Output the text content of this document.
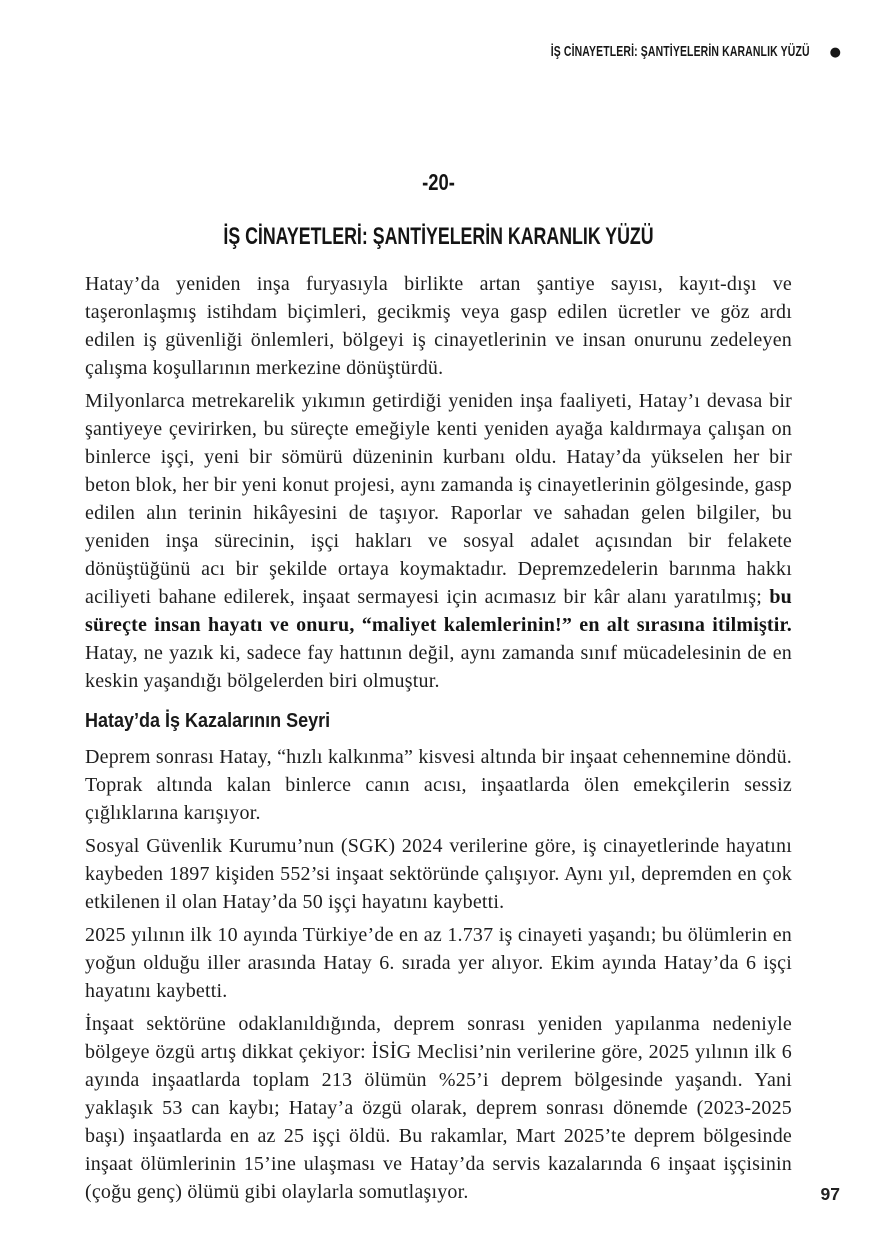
İŞ CİNAYETLERİ: ŞANTİYELERİN KARANLIK YÜZÜ ●
-20-
İŞ CİNAYETLERİ: ŞANTİYELERİN KARANLIK YÜZÜ

Hatay’da yeniden inşa furyasıyla birlikte artan şantiye sayısı, kayıt-dışı ve taşeronlaşmış istihdam biçimleri, gecikmiş veya gasp edilen ücretler ve göz ardı edilen iş güvenliği önlemleri, bölgeyi iş cinayetlerinin ve insan onurunu zedeleyen çalışma koşullarının merkezine dönüştürdü.

Milyonlarca metrekarelik yıkımın getirdiği yeniden inşa faaliyeti, Hatay’ı devasa bir şantiyeye çevirirken, bu süreçte emeğiyle kenti yeniden ayağa kaldırmaya çalışan on binlerce işçi, yeni bir sömürü düzeninin kurbanı oldu. Hatay’da yükselen her bir beton blok, her bir yeni konut projesi, aynı zamanda iş cinayetlerinin gölgesinde, gasp edilen alın terinin hikâyesini de taşıyor. Raporlar ve sahadan gelen bilgiler, bu yeniden inşa sürecinin, işçi hakları ve sosyal adalet açısından bir felakete dönüştüğünü acı bir şekilde ortaya koymaktadır. Depremzedelerin barınma hakkı aciliyeti bahane edilerek, inşaat sermayesi için acımasız bir kâr alanı yaratılmış; bu süreçte insan hayatı ve onuru, “maliyet kalemlerinin!” en alt sırasına itilmiştir. Hatay, ne yazık ki, sadece fay hattının değil, aynı zamanda sınıf mücadelesinin de en keskin yaşandığı bölgelerden biri olmuştur.

Hatay’da İş Kazalarının Seyri

Deprem sonrası Hatay, “hızlı kalkınma” kisvesi altında bir inşaat cehennemine döndü. Toprak altında kalan binlerce canın acısı, inşaatlarda ölen emekçilerin sessiz çığlıklarına karışıyor.

Sosyal Güvenlik Kurumu’nun (SGK) 2024 verilerine göre, iş cinayetlerinde hayatını kaybeden 1897 kişiden 552’si inşaat sektöründe çalışıyor. Aynı yıl, depremden en çok etkilenen il olan Hatay’da 50 işçi hayatını kaybetti.

2025 yılının ilk 10 ayında Türkiye’de en az 1.737 iş cinayeti yaşandı; bu ölümlerin en yoğun olduğu iller arasında Hatay 6. sırada yer alıyor. Ekim ayında Hatay’da 6 işçi hayatını kaybetti.

İnşaat sektörüne odaklanıldığında, deprem sonrası yeniden yapılanma nedeniyle bölgeye özgü artış dikkat çekiyor: İSİG Meclisi’nin verilerine göre, 2025 yılının ilk 6 ayında inşaatlarda toplam 213 ölümün %25’i deprem bölgesinde yaşandı. Yani yaklaşık 53 can kaybı; Hatay’a özgü olarak, deprem sonrası dönemde (2023-2025 başı) inşaatlarda en az 25 işçi öldü. Bu rakamlar, Mart 2025’te deprem bölgesinde inşaat ölümlerinin 15’ine ulaşması ve Hatay’da servis kazalarında 6 inşaat işçisinin (çoğu genç) ölümü gibi olaylarla somutlaşıyor.	97
